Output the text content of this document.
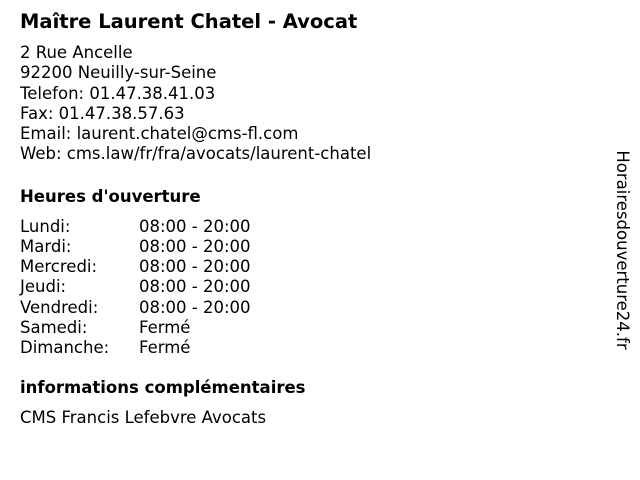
Maître Laurent Chatel - Avocat
2 Rue Ancelle
92200 Neuilly-sur-Seine
Telefon: 01.47.38.41.03
Fax: 01.47.38.57.63
Email: laurent.chatel@cms-fl.com
Web: cms.law/fr/fra/avocats/laurent-chatel
Heures d'ouverture
Lundi:	08:00 - 20:00
Mardi:	08:00 - 20:00
Mercredi:	08:00 - 20:00
Jeudi:	08:00 - 20:00
Vendredi: 08:00 - 20:00
Samedi:	Fermé
Dimanche: Fermé
informations complémentaires
CMS Francis Lefebvre Avocats
Horairesdouverture24.fr
